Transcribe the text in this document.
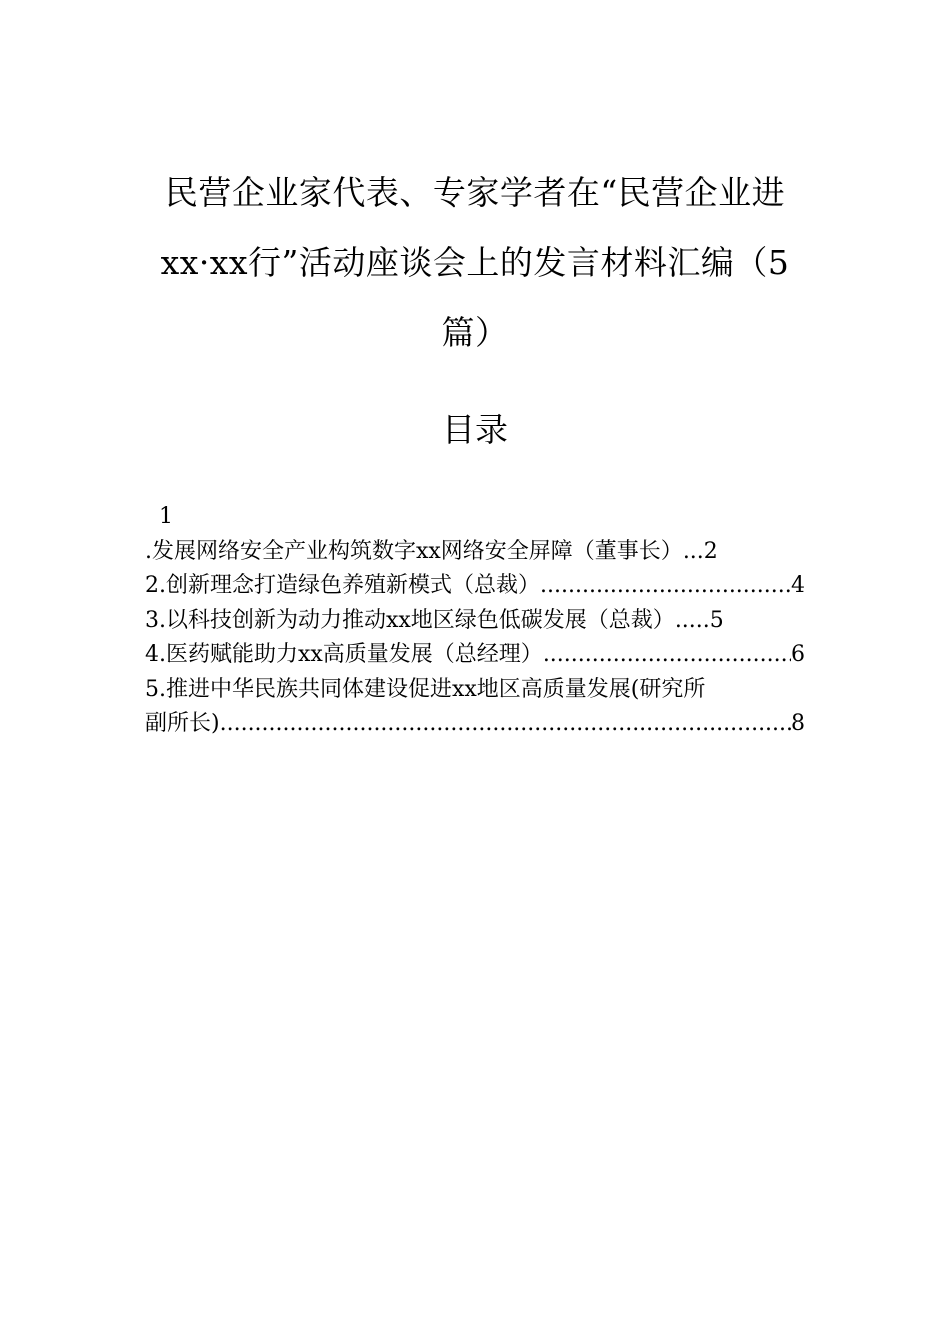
民营企业家代表、专家学者在“民营企业进
xx·xx行”活动座谈会上的发言材料汇编（5
篇）
目录
1
.发展网络安全产业构筑数字xx网络安全屏障（董事长） ... 2
2.创新理念打造绿色养殖新模式（总裁） .....	4
3.以科技创新为动力推动xx地区绿色低碳发展（总裁） ..... 5
4.医药赋能助力xx高质量发展（总经理） .....	6
5.推进中华民族共同体建设促进xx地区高质量发展(研究所
副所长) .....	8
